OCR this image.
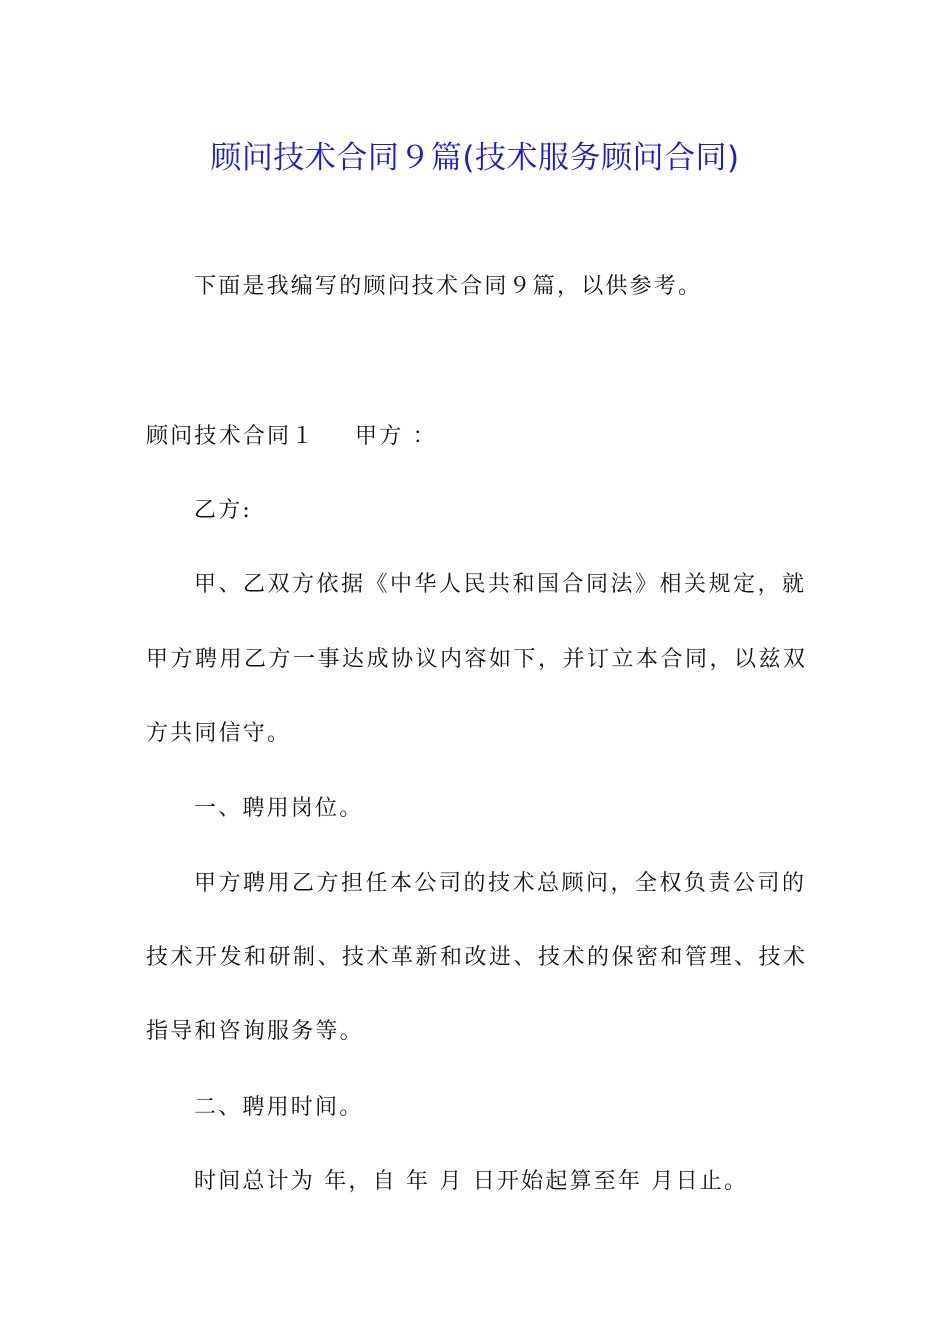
顾问技术合同９篇(技术服务顾问合同)
下面是我编写的顾问技术合同９篇，以供参考。
顾问技术合同１ 甲方 ：
乙方:
甲、乙双方依据《中华人民共和国合同法》相关规定，就
甲方聘用乙方一事达成协议内容如下，并订立本合同，以兹双
方共同信守。
一、聘用岗位。
甲方聘用乙方担任本公司的技术总顾问，全权负责公司的
技术开发和研制、技术革新和改进、技术的保密和管理、技术
指导和咨询服务等。
二、聘用时间。
时间总计为 年，自 年 月 日开始起算至年 月日止。
